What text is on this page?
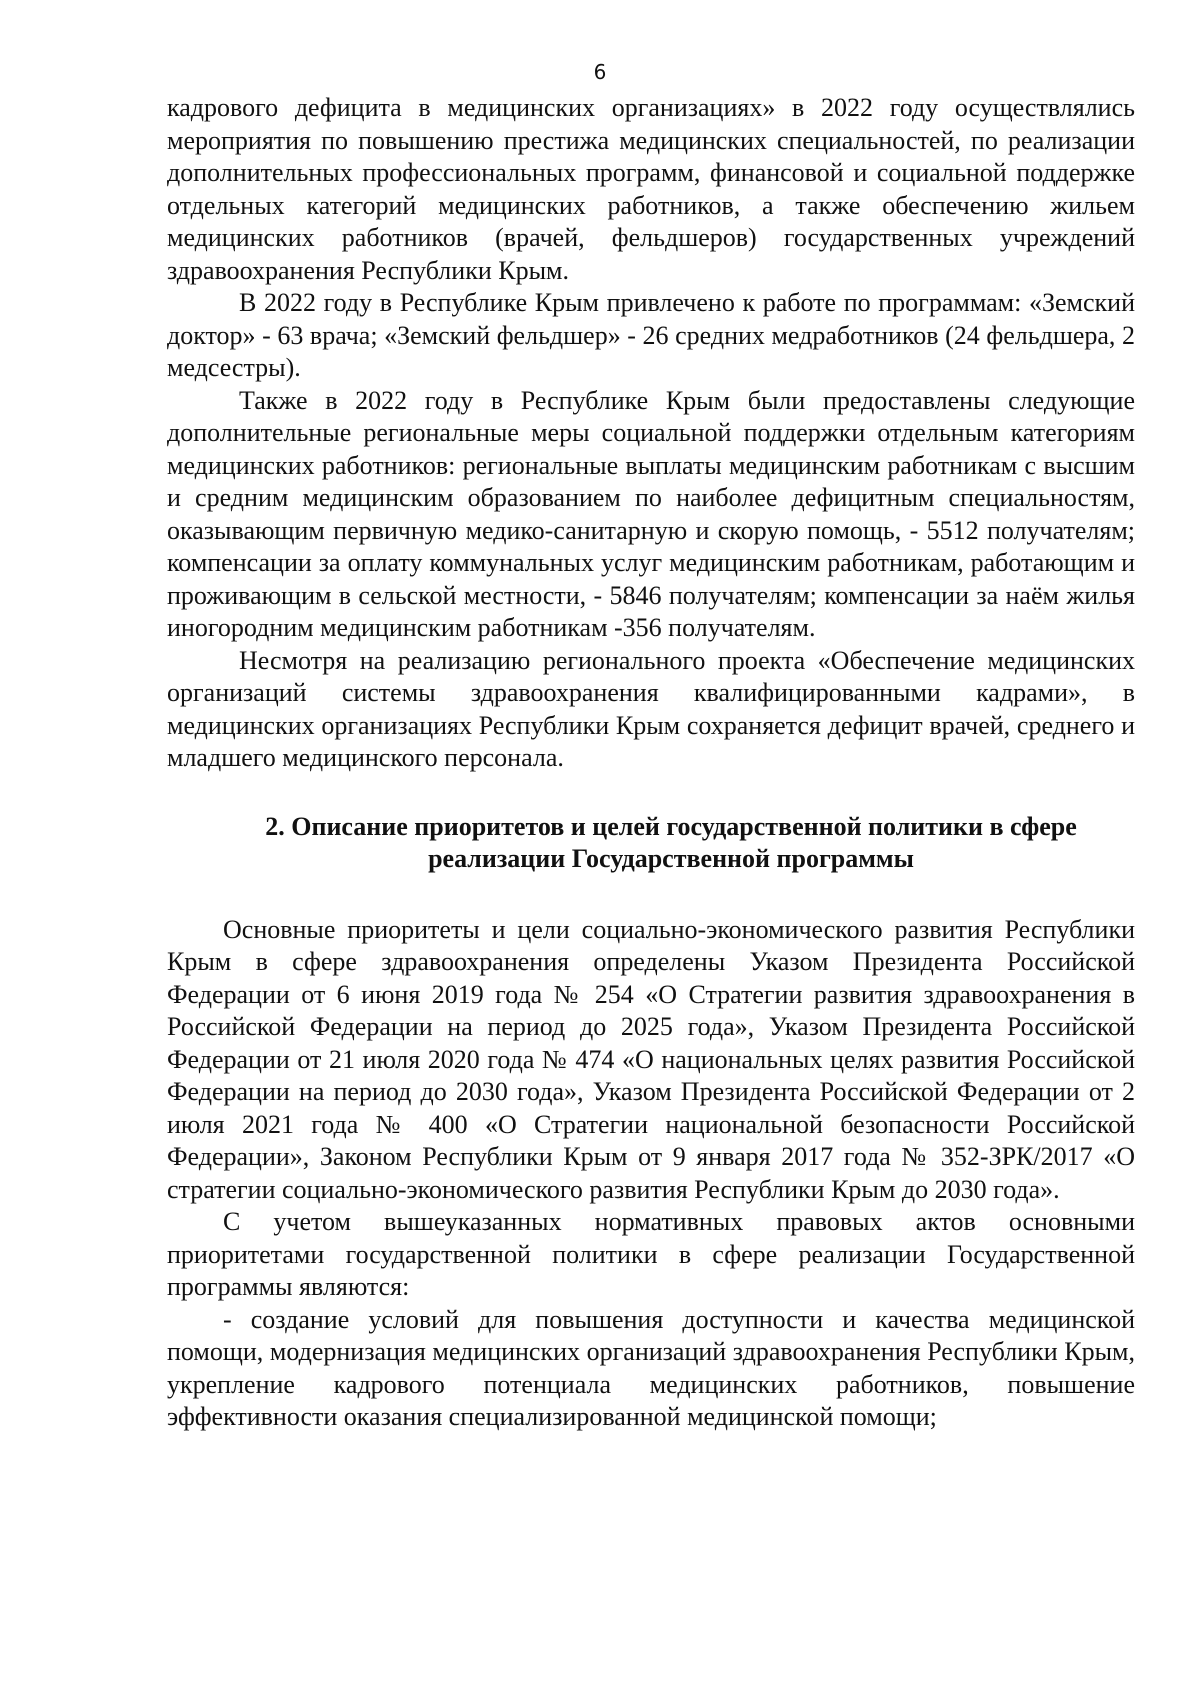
6

кадрового дефицита в медицинских организациях» в 2022 году осуществлялись мероприятия по повышению престижа медицинских специальностей, по реализации дополнительных профессиональных программ, финансовой и социальной поддержке отдельных категорий медицинских работников, а также обеспечению жильем медицинских работников (врачей, фельдшеров) государственных учреждений здравоохранения Республики Крым.

В 2022 году в Республике Крым привлечено к работе по программам: «Земский доктор» - 63 врача; «Земский фельдшер» - 26 средних медработников (24 фельдшера, 2 медсестры).

Также в 2022 году в Республике Крым были предоставлены следующие дополнительные региональные меры социальной поддержки отдельным категориям медицинских работников: региональные выплаты медицинским работникам с высшим и средним медицинским образованием по наиболее дефицитным специальностям, оказывающим первичную медико-санитарную и скорую помощь, - 5512 получателям; компенсации за оплату коммунальных услуг медицинским работникам, работающим и проживающим в сельской местности, - 5846 получателям; компенсации за наём жилья иногородним медицинским работникам -356 получателям.

Несмотря на реализацию регионального проекта «Обеспечение медицинских организаций системы здравоохранения квалифицированными кадрами», в медицинских организациях Республики Крым сохраняется дефицит врачей, среднего и младшего медицинского персонала.

2. Описание приоритетов и целей государственной политики в сфере
реализации Государственной программы

Основные приоритеты и цели социально-экономического развития Республики Крым в сфере здравоохранения определены Указом Президента Российской Федерации от 6 июня 2019 года № 254 «О Стратегии развития здравоохранения в Российской Федерации на период до 2025 года», Указом Президента Российской Федерации от 21 июля 2020 года № 474 «О национальных целях развития Российской Федерации на период до 2030 года», Указом Президента Российской Федерации от 2 июля 2021 года № 400 «О Стратегии национальной безопасности Российской Федерации», Законом Республики Крым от 9 января 2017 года № 352-ЗРК/2017 «О стратегии социально-экономического развития Республики Крым до 2030 года».

С учетом вышеуказанных нормативных правовых актов основными приоритетами государственной политики в сфере реализации Государственной программы являются:

- создание условий для повышения доступности и качества медицинской помощи, модернизация медицинских организаций здравоохранения Республики Крым, укрепление кадрового потенциала медицинских работников, повышение эффективности оказания специализированной медицинской помощи;
